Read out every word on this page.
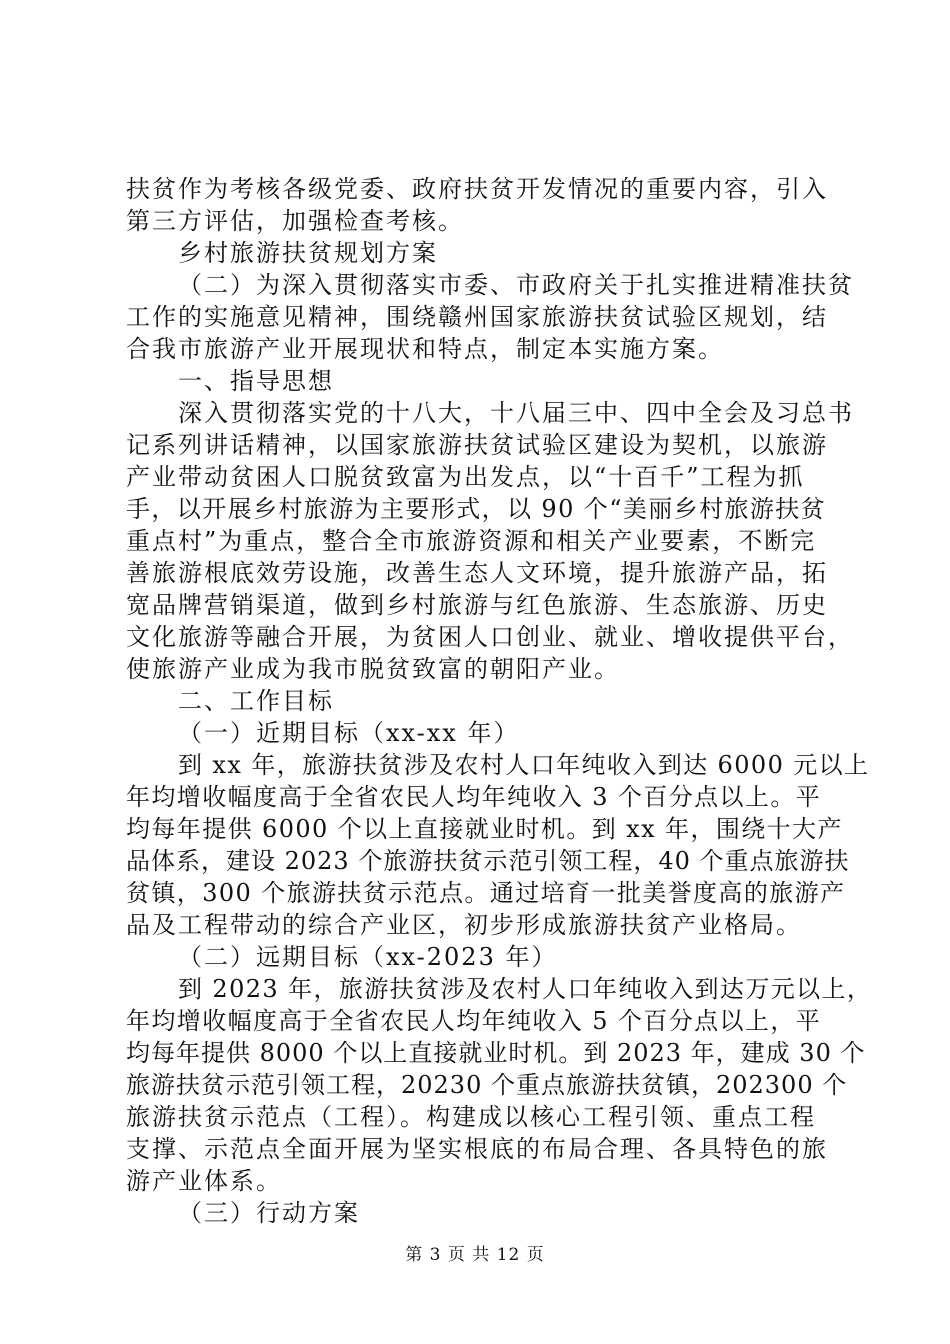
扶贫作为考核各级党委、政府扶贫开发情况的重要内容，引入
第三方评估，加强检查考核。
乡村旅游扶贫规划方案
（二）为深入贯彻落实市委、市政府关于扎实推进精准扶贫
工作的实施意见精神，围绕赣州国家旅游扶贫试验区规划，结
合我市旅游产业开展现状和特点，制定本实施方案。
一、指导思想
深入贯彻落实党的十八大，十八届三中、四中全会及习总书
记系列讲话精神，以国家旅游扶贫试验区建设为契机，以旅游
产业带动贫困人口脱贫致富为出发点，以“十百千”工程为抓
手，以开展乡村旅游为主要形式，以 90 个“美丽乡村旅游扶贫
重点村”为重点，整合全市旅游资源和相关产业要素，不断完
善旅游根底效劳设施，改善生态人文环境，提升旅游产品，拓
宽品牌营销渠道，做到乡村旅游与红色旅游、生态旅游、历史
文化旅游等融合开展，为贫困人口创业、就业、增收提供平台，
使旅游产业成为我市脱贫致富的朝阳产业。
二、工作目标
（一）近期目标（xx-xx 年）
到 xx 年，旅游扶贫涉及农村人口年纯收入到达 6000 元以上
年均增收幅度高于全省农民人均年纯收入 3 个百分点以上。平
均每年提供 6000 个以上直接就业时机。到 xx 年，围绕十大产
品体系，建设 2023 个旅游扶贫示范引领工程，40 个重点旅游扶
贫镇，300 个旅游扶贫示范点。通过培育一批美誉度高的旅游产
品及工程带动的综合产业区，初步形成旅游扶贫产业格局。
（二）远期目标（xx-2023 年）
到 2023 年，旅游扶贫涉及农村人口年纯收入到达万元以上，
年均增收幅度高于全省农民人均年纯收入 5 个百分点以上，平
均每年提供 8000 个以上直接就业时机。到 2023 年，建成 30 个
旅游扶贫示范引领工程，20230 个重点旅游扶贫镇，202300 个
旅游扶贫示范点（工程）。构建成以核心工程引领、重点工程
支撑、示范点全面开展为坚实根底的布局合理、各具特色的旅
游产业体系。
（三）行动方案
第 3 页 共 12 页
